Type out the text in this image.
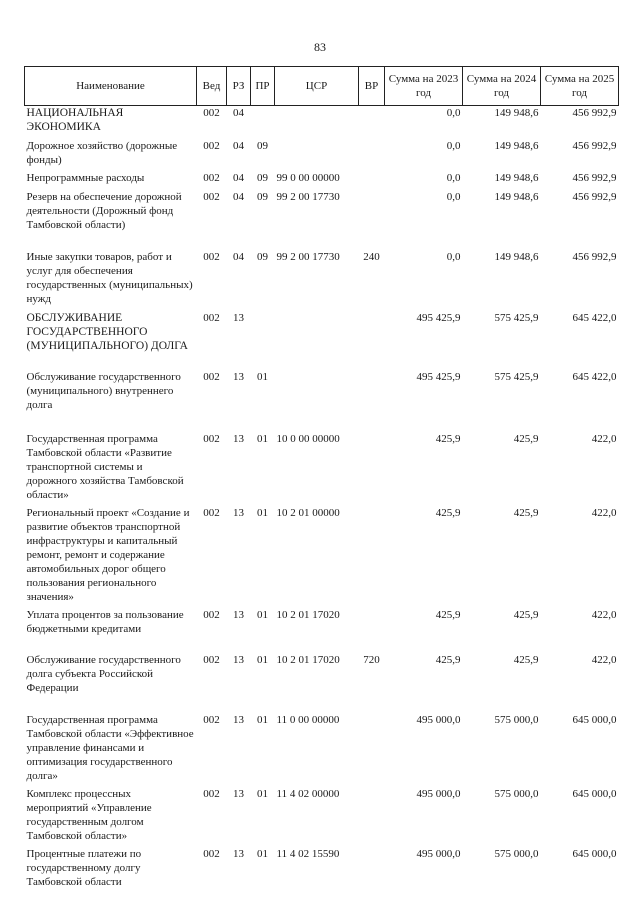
83
Наименование	Вед	РЗ	ПР	ЦСР	ВР	Сумма на 2023 год	Сумма на 2024 год	Сумма на 2025 год
НАЦИОНАЛЬНАЯ ЭКОНОМИКА	002	04				0,0	149 948,6	456 992,9
Дорожное хозяйство (дорожные фонды)	002	04	09			0,0	149 948,6	456 992,9
Непрограммные расходы	002	04	09	99 0 00 00000		0,0	149 948,6	456 992,9
Резерв на обеспечение дорожной деятельности (Дорожный фонд Тамбовской области)	002	04	09	99 2 00 17730		0,0	149 948,6	456 992,9
Иные закупки товаров, работ и услуг для обеспечения государственных (муниципальных) нужд	002	04	09	99 2 00 17730	240	0,0	149 948,6	456 992,9
ОБСЛУЖИВАНИЕ ГОСУДАРСТВЕННОГО (МУНИЦИПАЛЬНОГО) ДОЛГА	002	13				495 425,9	575 425,9	645 422,0
Обслуживание государственного (муниципального) внутреннего долга	002	13	01			495 425,9	575 425,9	645 422,0
Государственная программа Тамбовской области «Развитие транспортной системы и дорожного хозяйства Тамбовской области»	002	13	01	10 0 00 00000		425,9	425,9	422,0
Региональный проект «Создание и развитие объектов транспортной инфраструктуры и капитальный ремонт, ремонт и содержание автомобильных дорог общего пользования регионального значения»	002	13	01	10 2 01 00000		425,9	425,9	422,0
Уплата процентов за пользование бюджетными кредитами	002	13	01	10 2 01 17020		425,9	425,9	422,0
Обслуживание государственного долга субъекта Российской Федерации	002	13	01	10 2 01 17020	720	425,9	425,9	422,0
Государственная программа Тамбовской области «Эффективное управление финансами и оптимизация государственного долга»	002	13	01	11 0 00 00000		495 000,0	575 000,0	645 000,0
Комплекс процессных мероприятий «Управление государственным долгом Тамбовской области»	002	13	01	11 4 02 00000		495 000,0	575 000,0	645 000,0
Процентные платежи по государственному долгу Тамбовской области	002	13	01	11 4 02 15590		495 000,0	575 000,0	645 000,0
